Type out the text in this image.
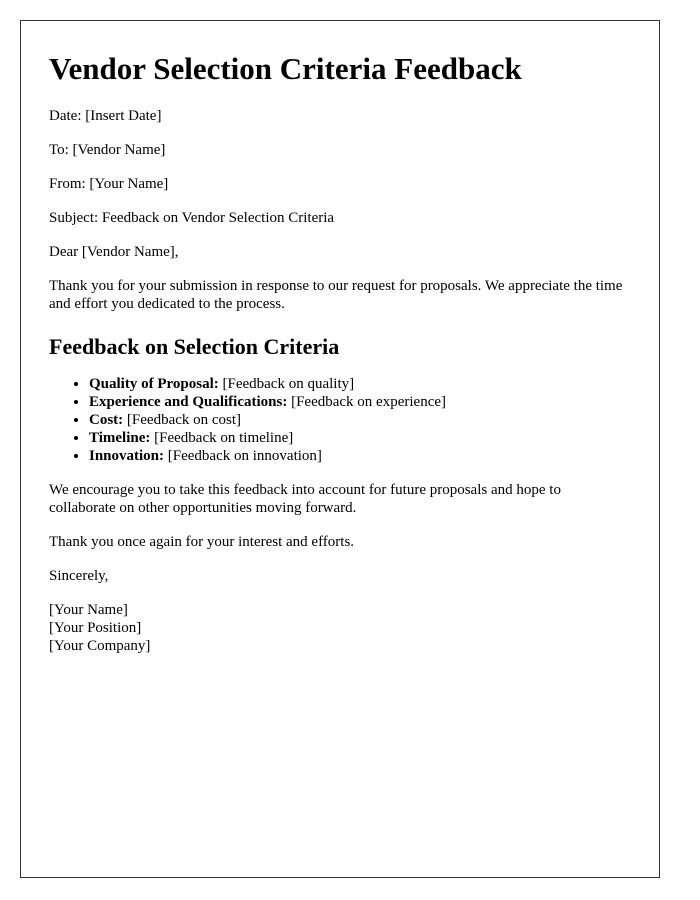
Vendor Selection Criteria Feedback

Date: [Insert Date]

To: [Vendor Name]

From: [Your Name]

Subject: Feedback on Vendor Selection Criteria

Dear [Vendor Name],

Thank you for your submission in response to our request for proposals. We appreciate the time and effort you dedicated to the process.

Feedback on Selection Criteria
• Quality of Proposal: [Feedback on quality]
• Experience and Qualifications: [Feedback on experience]
• Cost: [Feedback on cost]
• Timeline: [Feedback on timeline]
• Innovation: [Feedback on innovation]

We encourage you to take this feedback into account for future proposals and hope to collaborate on other opportunities moving forward.

Thank you once again for your interest and efforts.

Sincerely,

[Your Name]
[Your Position]
[Your Company]
